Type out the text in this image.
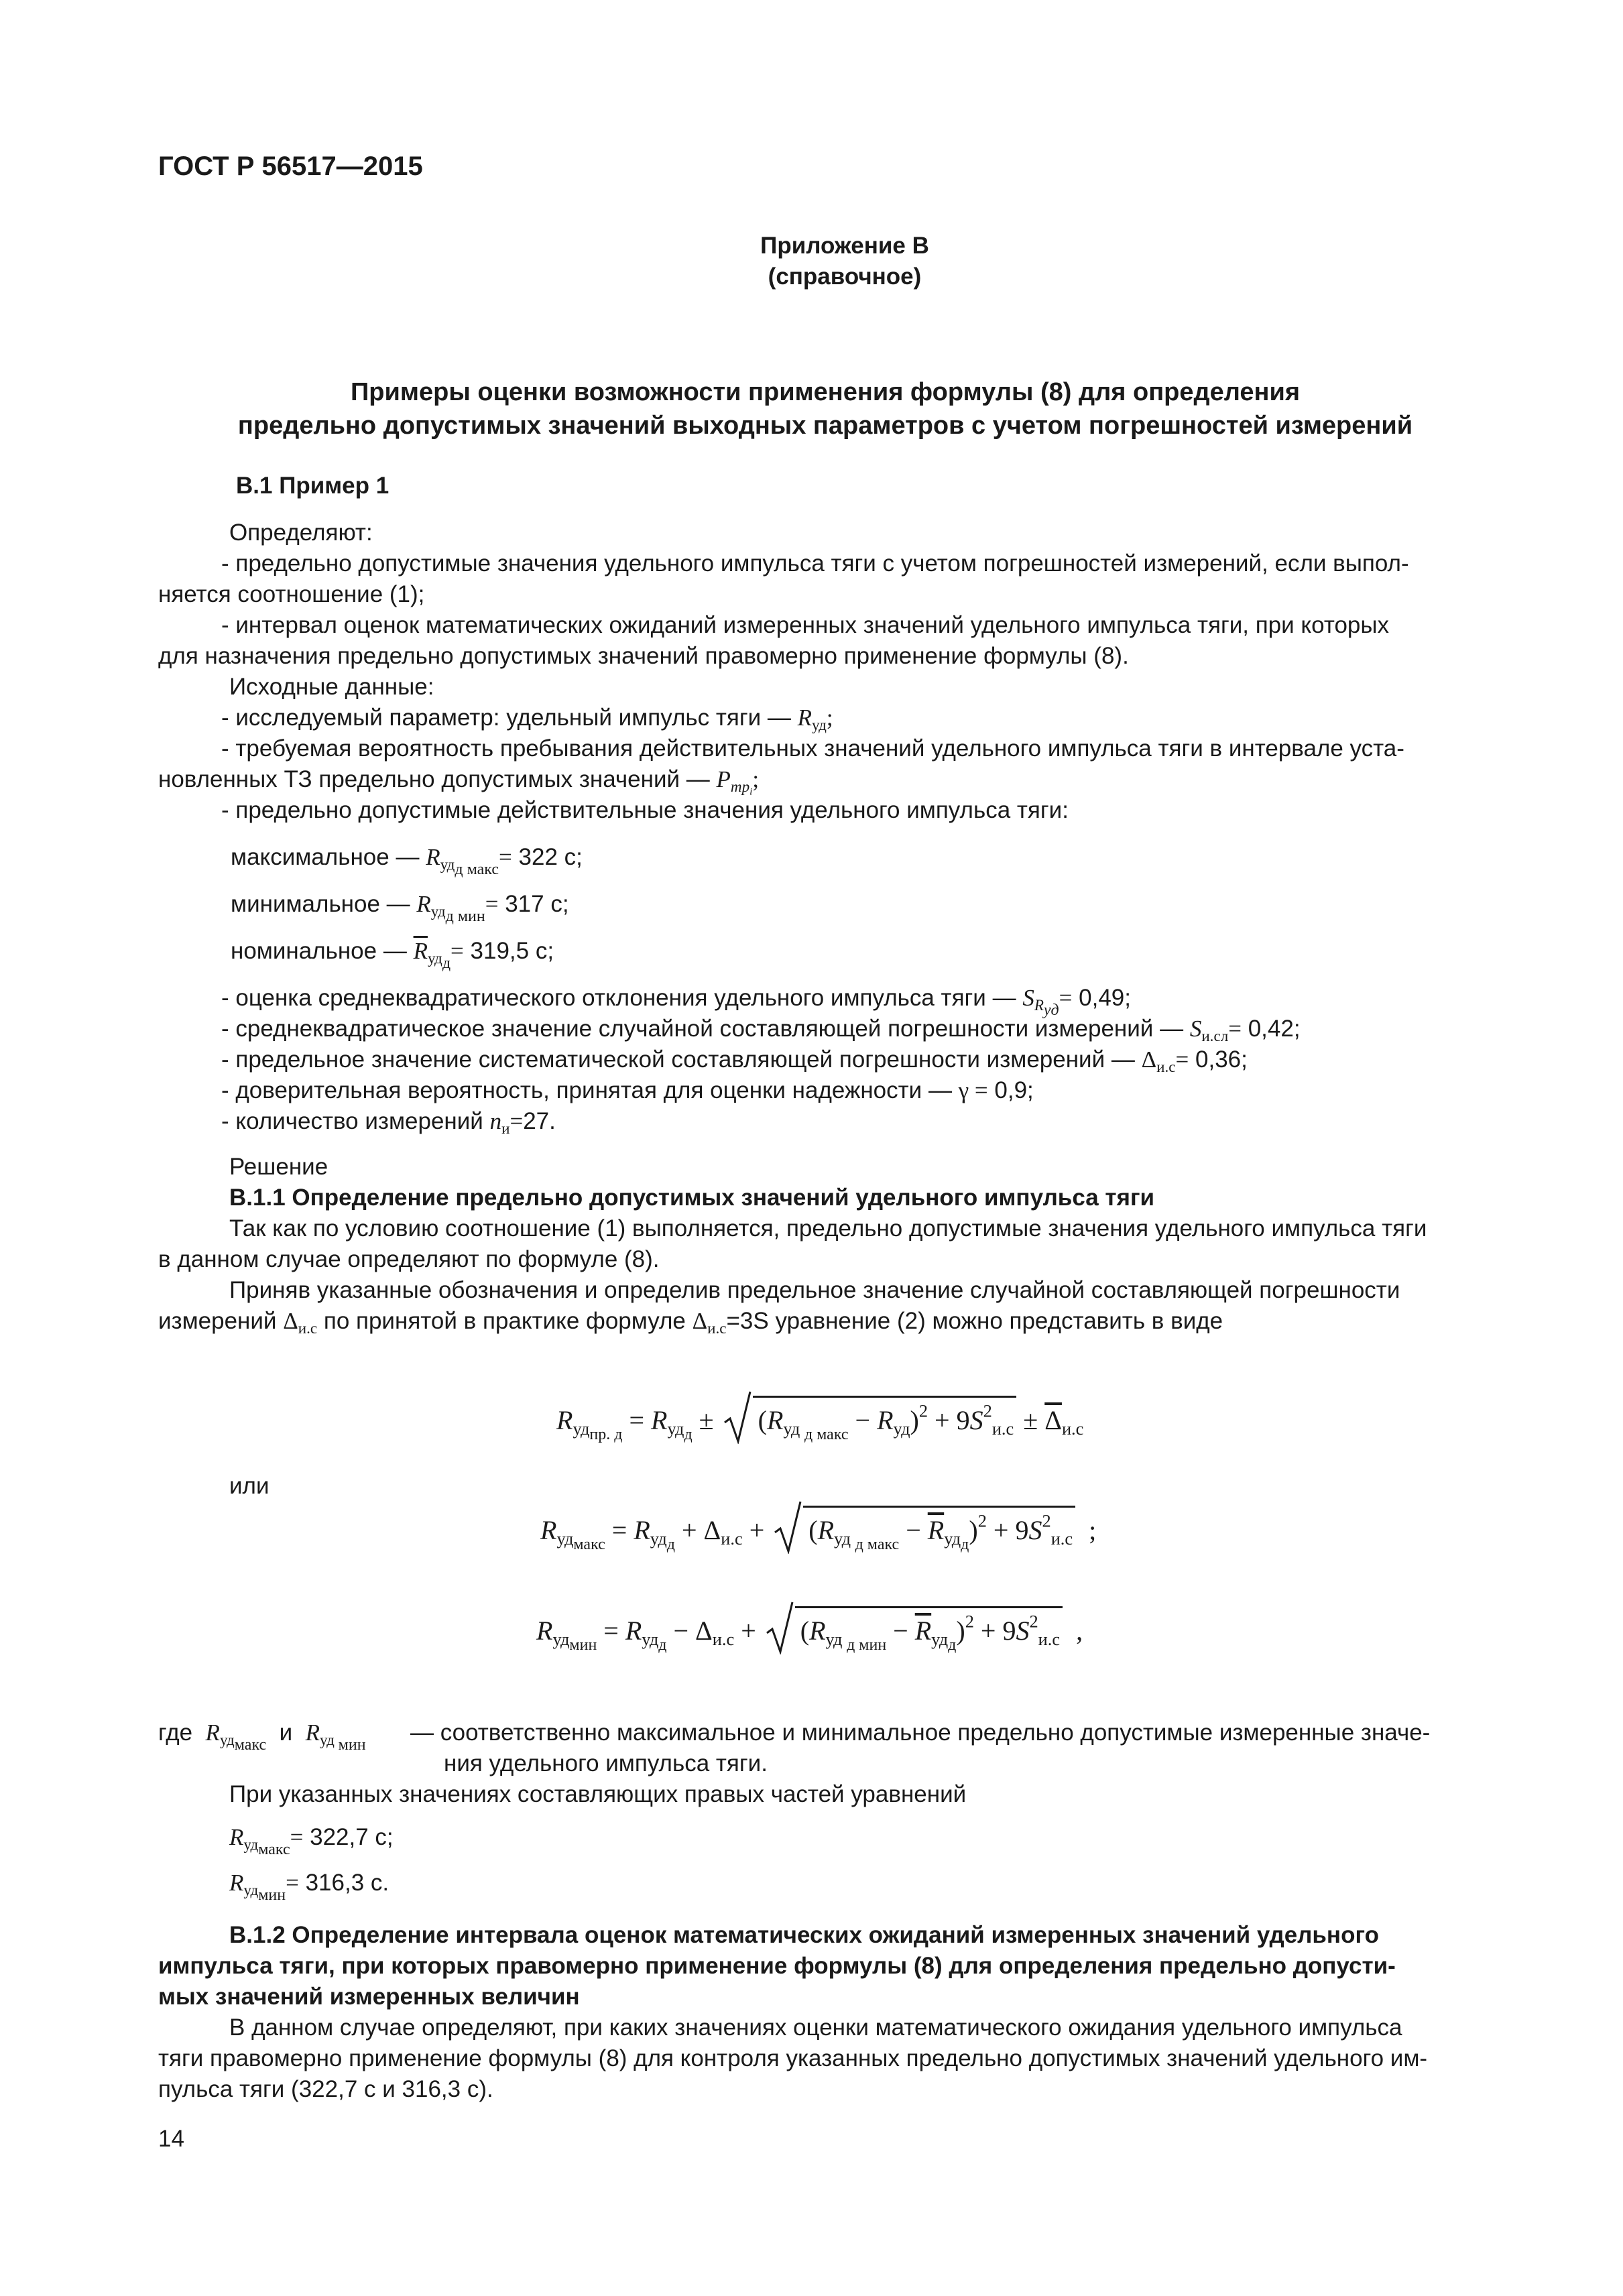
ГОСТ Р 56517—2015
Приложение В
(справочное)
Примеры оценки возможности применения формулы (8) для определения
предельно допустимых значений выходных параметров с учетом погрешностей измерений
В.1 Пример 1
Определяют:
- предельно допустимые значения удельного импульса тяги с учетом погрешностей измерений, если выпол-
няется соотношение (1);
- интервал оценок математических ожиданий измеренных значений удельного импульса тяги, при которых
для назначения предельно допустимых значений правомерно применение формулы (8).
Исходные данные:
- исследуемый параметр: удельный импульс тяги — $R_{уд}$;
- требуемая вероятность пребывания действительных значений удельного импульса тяги в интервале уста-
новленных ТЗ предельно допустимых значений — $P_{тр_i}$;
- предельно допустимые действительные значения удельного импульса тяги:
максимальное — $R_{удд макс}= 322$ с;
минимальное — $R_{удд мин}= 317$ с;
номинальное — $\overline{R}_{удд}= 319,5$ с;
- оценка среднеквадратического отклонения удельного импульса тяги — $S_{Rуд}= 0,49$;
- среднеквадратическое значение случайной составляющей погрешности измерений — $S_{и.сл}= 0,42$;
- предельное значение систематической составляющей погрешности измерений — $\Delta_{и.с}= 0,36$;
- доверительная вероятность, принятая для оценки надежности — γ = 0,9;
- количество измерений $n_и=27$.
Решение
В.1.1 Определение предельно допустимых значений удельного импульса тяги
Так как по условию соотношение (1) выполняется, предельно допустимые значения удельного импульса тяги
в данном случае определяют по формуле (8).
Приняв указанные обозначения и определив предельное значение случайной составляющей погрешности
измерений $\Delta_{и.с}$ по принятой в практике формуле $\Delta_{и.с}=3S$ уравнение (2) можно представить в виде
$R_{удпр. д} = R_{удд}$ ±
$(R_{уд д макс} - R_{уд})^2 + 9S^2_{и.с} \pm \overline{\Delta}_{и.с}$
или
$R_{удмакс} = R_{удд} + \Delta_{и.с}$ +
$(R_{уд д макс} - \overline{R}_{удд})^2 + 9S^2_{и.с}$  ;
$R_{удмин} = R_{удд} - \Delta_{и.с}$ +
$(R_{уд д мин} - \overline{R}_{удд})^2 + 9S^2_{и.с}$  ,
где $R_{удмакс}$ и $R_{уд мин}$ — соответственно максимальное и минимальное предельно допустимые измеренные значе-
ния удельного импульса тяги.
При указанных значениях составляющих правых частей уравнений
$R_{удмакс}= 322,7$ с;
$R_{удмин}= 316,3$ с.
В.1.2 Определение интервала оценок математических ожиданий измеренных значений удельного
импульса тяги, при которых правомерно применение формулы (8) для определения предельно допусти-
мых значений измеренных величин
В данном случае определяют, при каких значениях оценки математического ожидания удельного импульса
тяги правомерно применение формулы (8) для контроля указанных предельно допустимых значений удельного им-
пульса тяги (322,7 с и 316,3 с).
14
